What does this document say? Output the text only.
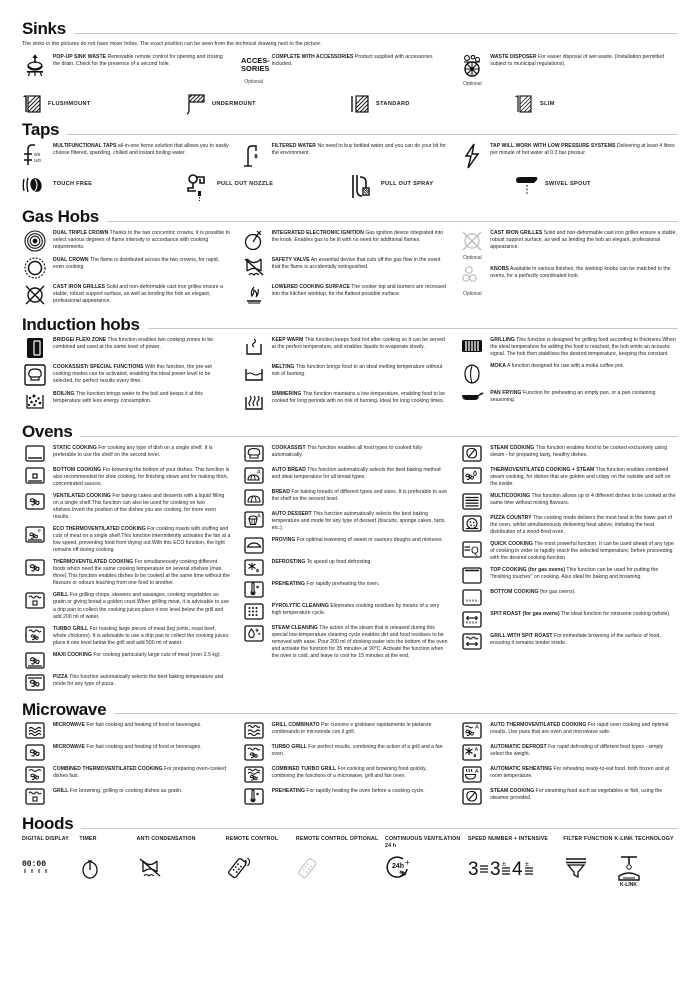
Sinks
The sinks in the pictures do not have mixer holes. The exact position can be seen from the technical drawing next to the picture.
POP-UP SINK WASTE Removable remote control for opening and closing the drain. Check for the presence of a second hole.	ACCES-
SORIES
Optional
COMPLETE WITH ACCESSORIES Product supplied with accessories included.
Optional
WASTE DISPOSER For easier disposal of wet waste. (Installation permitted subject to municipal regulations).
FLUSHMOUNT	UNDERMOUNT	STANDARD	SLIM
Taps
0/0
U/0
MULTIFUNCTIONAL TAPS all-in-one home solution that allows you to easily choose filtered, sparkling, chilled and instant boiling water.
FILTERED WATER No need to buy bottled water and you can do your bit for the environment.
TAP WILL WORK WITH LOW PRESSURE SYSTEMS Delivering at least 4 litres per minute of hot water at 0.3 bar pressur.
TOUCH FREE	PULL OUT NOZZLE	PULL OUT SPRAY	SWIVEL SPOUT
Gas Hobs
DUAL TRIPLE CROWN Thanks to the two concentric crowns, it is possible to select various degrees of flame intensity in accordance with cooking requirements.
DUAL CROWN The flame is distributed across the two crowns, for rapid, even cooking.
CAST IRON GRILLES Solid and non-deformable cast iron grilles ensure a stable, robust support surface, as well as lending the hob an elegant, professional appearance.
INTEGRATED ELECTRONIC IGNITION Gas ignition device integrated into the knob. Enables gas to be lit with no need for additional flames.
SAFETY VALVE An essential device that cuts off the gas flow in the event that the flame is accidentally extinguished.
LOWERED COOKING SURFACE The cooker top and burners are recessed into the kitchen worktop, for the flattest possible surface.
Optional
CAST IRON GRILLES Solid and non-deformable cast iron grilles ensure a stable, robust support surface, as well as lending the hob an elegant, professional appearance.
Optional
KNOBS Available in various finishes, the worktop knobs can be matched to the ovens, for a perfectly coordinated look.
Induction hobs
BRIDGE/ FLEXI ZONE This function enables two cooking zones to be combined and used at the same level of power.
COOKASSIST/ SPECIAL FUNCTIONS With this function, the pre-set cooking modes can be activated, enabling the ideal power level to be selected, for perfect results every time.
BOILING This function brings water to the boil and keeps it at this temperature with less energy consumption.
KEEP WARM This function keeps food hot after cooking so it can be served at the perfect temperature, and enables liquids to evaporate slowly.
MELTING This function brings food to an ideal melting temperature without risk of burning.
SIMMERING This function maintains a low temperature, enabling food to be cooked for long periods with no risk of burning. Ideal for long cooking times.
GRILLING This function is designed for grilling food according to thickness.When the ideal temperature for adding the food is reached, the hob emits an acoustic signal. The hob then stabilises the desired temperature, keeping this constant.
MOKA A function designed for use with a moka coffee pot.
PAN FRYING Function for preheating an empty pan, or a pan containing seasoning.
Ovens
STATIC COOKING For cooking any type of dish on a single shelf. It is preferable to use the shelf on the second level.
BOTTOM COOKING For browning the bottom of your dishes. This function is also recommended for slow cooking, for finishing stews and for making thick, concentrated sauces.
VENTILATED COOKING For baking cakes and desserts with a liquid filling on a single shelf.This function can also be used for cooking on two shelves.Invert the position of the dishes you are cooking, for more even results.
e ECO THERMOVENTILATED COOKING For cooking roasts with stuffing and cuts of meat on a single shelf.This function intermittently activates the fan at a low speed, preventing food from drying out.With this ECO function, the light remains off during cooking.
THERMOVENTILATED COOKING For simultaneously cooking different foods which need the same cooking temperature on several shelves (max. three).This function enables dishes to be cooked at the same time without the flavours or odours leaching from one food to another.
GRILL For grilling chops, skewers and sausages, cooking vegetables au gratin or giving bread a golden crust.When grilling meat, it is advisable to use a drip pan to collect the cooking juices;place it one level below the grill and add 200 ml of water.
TURBO GRILL For roasting large pieces of meat (leg joints, roast beef, whole chickens). It is advisable to use a drip pan to collect the cooking juices: place it one level below the grill and add 500 ml of water.
MAXI COOKING For cooking particularly large cuts of meat (over 2.5 kg).
PIZZA This function automatically selects the best baking temperature and mode for any type of pizza.
COOKASSIST This function enables all food types to cooked fully automatically.
A AUTO BREAD This function automatically selects the best baking method and ideal temperature for all bread types.
BREAD For baking breads of different types and sizes. It is preferable to use the shelf on the second level.
A AUTO DESSERT This function automatically selects the best baking temperature and mode for any type of dessert (biscuits, sponge cakes, tarts, etc.).
PROVING For optimal leavening of sweet or savoury doughs and mixtures.
DEFROSTING To speed up food defrosting.
PREHEATING For rapidly preheating the oven.
PYROLYTIC CLEANING Eliminates cooking residues by means of a very high temperature cycle.
STEAM CLEANING The action of the steam that is released during this special low-temperature cleaning cycle enables dirt and food residues to be removed with ease. Pour 200 ml of drinking water into the bottom of the oven and activate the function for 35 minutes at 90°C. Activate the function when the oven is cold, and leave to cool for 15 minutes at the end.
STEAM COOKING This function enables food to be cooked exclusively using steam - for preparing tasty, healthy dishes.
THERMOVENTILATED COOKING + STEAM This function enables combined steam cooking, for dishes that are golden and crispy on the outside and soft on the inside.
MULTICOOKING This function allows up to 4 different dishes to be cooked at the same time without mixing flavours.
PIZZA COUNTRY This cooking mode delivers the most heat in the lower part of the oven, whilst simultaneously delivering heat above, imitating the heat distribution of a wood-fired oven.
Q
QUICK COOKING The most powerful function. It can be used ahead of any type of cooking in order to rapidly reach the selected temperature, before proceeding with the desired cooking function.
TOP COOKING (for gas ovens) This function can be used for putting the "finishing touches" on cooking. Also ideal for baking and browning.
BOTTOM COOKING (for gas ovens).
SPIT ROAST (for gas ovens) The ideal function for rotisserie cooking (whole).
GRILL WITH SPIT ROAST For immediate browning of the surface of food, ensuring it remains tender inside.
Microwave
MICROWAVE For fast cooking and heating of food or beverages.
MICROWAVE For fast cooking and heating of food or beverages.
COMBINED THERMOVENTILATED COOKING For preparing oven-cooked dishes fast.
GRILL For browning, grilling or cooking dishes au gratin.
GRILL COMBINATO Per cuocere e gratinare rapidamente le pietanze combinando le microonde con il grill.
TURBO GRILL For perfect results, combining the action of a grill and a fan oven.
COMBINED TURBO GRILL For cooking and browning food quickly, combining the functions of a microwave, grill and fan oven.
PREHEATING For rapidly heating the oven before a cooking cycle.
A AUTO THERMOVENTILATED COOKING For rapid oven cooking and optimal results. Use pans that are oven and microwave safe.
A AUTOMATIC DEFROST For rapid defrosting of different food types - simply select the weight.
A AUTOMATIC REHEATING For reheating ready-to-eat food, both frozen and at room temperature.
STEAM COOKING For steaming food such as vegetables or fish, using the steamer provided.
Hoods
DIGITAL DISPLAY
00:00
TIMER	ANTI CONDENSATION	REMOTE CONTROL	REMOTE CONTROL OPTIONAL	CONTINUOUS VENTILATION 24 h
24h +
SPEED NUMBER + INTENSIVE
3 3 ± 4 ±
FILTER FUNCTION K-LINK TECHNOLOGY
K-LINK
